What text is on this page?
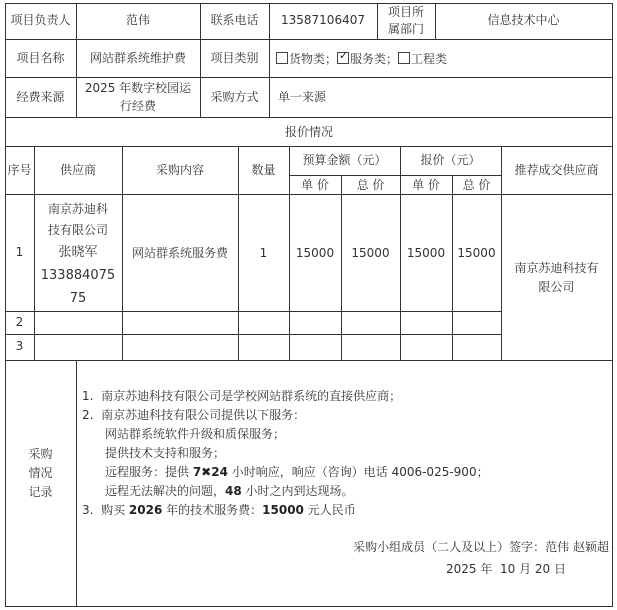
项目负责人	范伟	联系电话	13587106407
项目所
属部门
信息技术中心
项目名称	网站群系统维护费	项目类别	货物类；✓ 服务类； 工程类
经费来源
2025 年数字校园运
行经费
采购方式	单一来源
报价情况
序号	供应商	采购内容	数量
预算金额（元）	报价（元）
推荐成交供应商
单 价	总 价	单 价	总 价
1
南京苏迪科
技有限公司
张晓军
133884075
75
网站群系统服务费	1	15000	15000	15000	15000
南京苏迪科技有
限公司
2
3
采购
情况
记录
1. 南京苏迪科技有限公司是学校网站群系统的直接供应商；
2. 南京苏迪科技有限公司提供以下服务：
网站群系统软件升级和质保服务；
提供技术支持和服务；
远程服务：提供 7✖24 小时响应，响应（咨询）电话 4006-025-900；
远程无法解决的问题，48 小时之内到达现场。
3. 购买 2026 年的技术服务费：15000 元人民币
采购小组成员（二人及以上）签字：范伟 赵颖超
2025 年 10 月 20 日
